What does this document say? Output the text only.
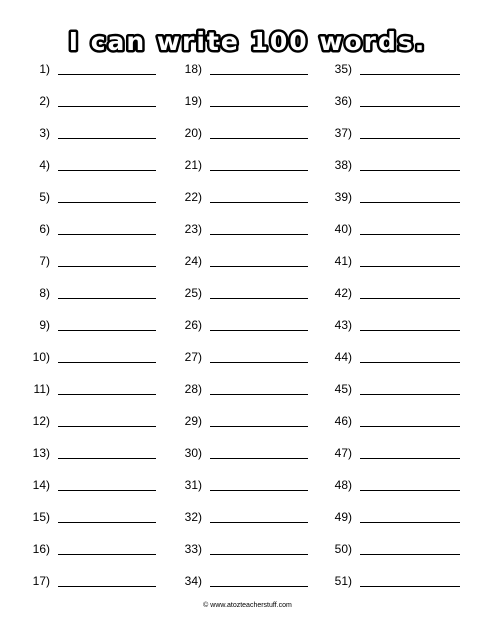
I can write 100 words.
1)
2)
3)
4)
5)
6)
7)
8)
9)
10)
11)
12)
13)
14)
15)
16)
17)
18)
19)
20)
21)
22)
23)
24)
25)
26)
27)
28)
29)
30)
31)
32)
33)
34)
35)
36)
37)
38)
39)
40)
41)
42)
43)
44)
45)
46)
47)
48)
49)
50)
51)
© www.atozteacherstuff.com
